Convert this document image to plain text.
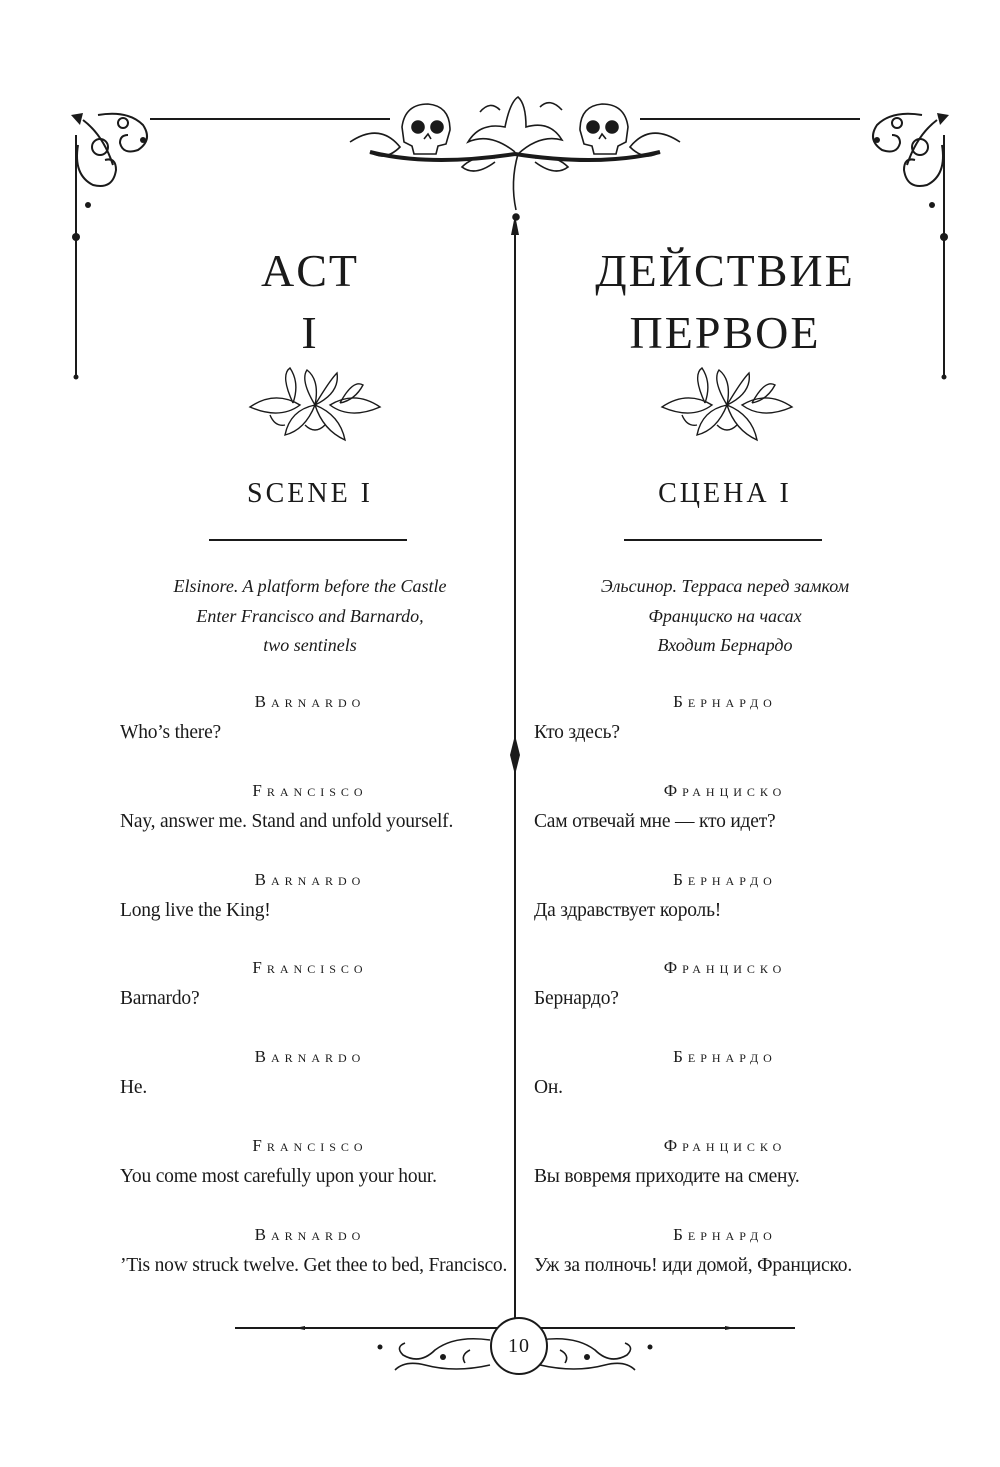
ACT
I
SCENE I
Elsinore. A platform before the Castle
Enter Francisco and Barnardo,
two sentinels
Barnardo
Who’s there?
Francisco
Nay, answer me. Stand and unfold yourself.
Barnardo
Long live the King!
Francisco
Barnardo?
Barnardo
He.
Francisco
You come most carefully upon your hour.
Barnardo
’Tis now struck twelve. Get thee to bed, Francisco.
ДЕЙСТВИЕ
ПЕРВОЕ
СЦЕНА I
Эльсинор. Терраса перед замком
Франциско на часах
Входит Бернардо
Бернардо
Кто здесь?
Франциско
Сам отвечай мне — кто идет?
Бернардо
Да здравствует король!
Франциско
Бернардо?
Бернардо
Он.
Франциско
Вы вовремя приходите на смену.
Бернардо
Уж за полночь! иди домой, Франциско.
10
